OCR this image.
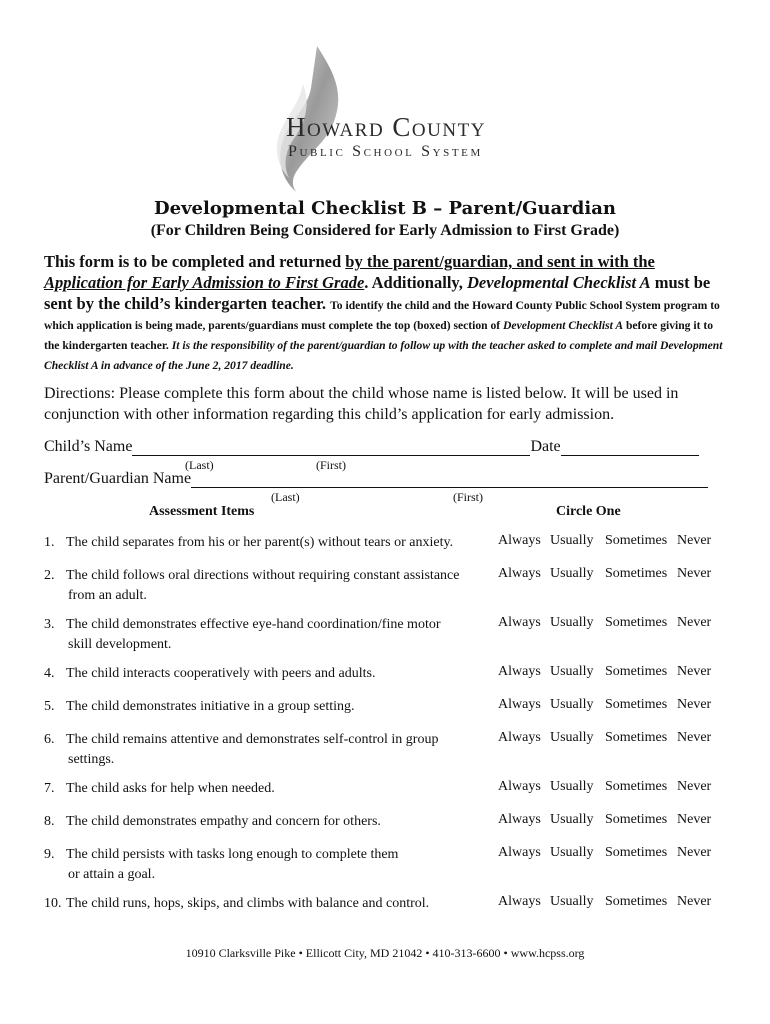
Howard County
Public School System
Developmental Checklist B – Parent/Guardian
(For Children Being Considered for Early Admission to First Grade)
This form is to be completed and returned by the parent/guardian, and sent in with the Application for Early Admission to First Grade. Additionally, Developmental Checklist A must be sent by the child’s kindergarten teacher. To identify the child and the Howard County Public School System program to which application is being made, parents/guardians must complete the top (boxed) section of Development Checklist A before giving it to the kindergarten teacher. It is the responsibility of the parent/guardian to follow up with the teacher asked to complete and mail Development Checklist A in advance of the June 2, 2017 deadline.
Directions: Please complete this form about the child whose name is listed below. It will be used in conjunction with other information regarding this child’s application for early admission.
Child’s Name	Date
(Last)	(First)
Parent/Guardian Name
(Last)	(First)
Assessment Items	Circle One
1. The child separates from his or her parent(s) without tears or anxiety.	Always Usually Sometimes Never
2. The child follows oral directions without requiring constant assistance
from an adult.
Always Usually Sometimes Never
3. The child demonstrates effective eye-hand coordination/fine motor
skill development.
Always Usually Sometimes Never
4. The child interacts cooperatively with peers and adults.	Always Usually Sometimes Never
5. The child demonstrates initiative in a group setting.	Always Usually Sometimes Never
6. The child remains attentive and demonstrates self-control in group
settings.
Always Usually Sometimes Never
7. The child asks for help when needed.	Always Usually Sometimes Never
8. The child demonstrates empathy and concern for others.	Always Usually Sometimes Never
9. The child persists with tasks long enough to complete them
or attain a goal.
Always Usually Sometimes Never
10. The child runs, hops, skips, and climbs with balance and control.	Always Usually Sometimes Never
10910 Clarksville Pike • Ellicott City, MD 21042 • 410-313-6600 • www.hcpss.org
